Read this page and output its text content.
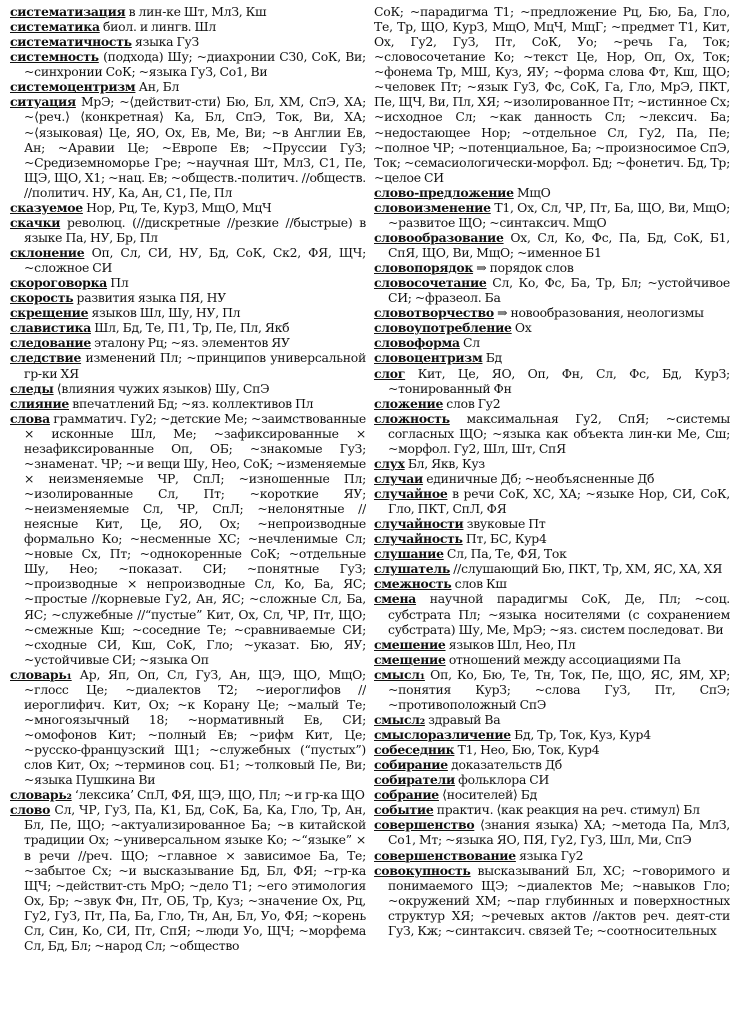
систематизация в лин-ке Шт, МлЗ, Кш

систематика биол. и лингв. Шл

систематичность языка ГуЗ

системность (подхода) Шу; ~диахронии СЗ0, СоК, Ви; ~синхронии СоК; ~языка ГуЗ, Со1, Ви

системоцентризм Ан, Бл

ситуация МрЭ; ~⟨действит-сти⟩ Бю, Бл, ХМ, СпЭ, ХА; ~⟨реч.⟩ ⟨конкретная⟩ Ка, Бл, СпЭ, Ток, Ви, ХА; ~⟨языковая⟩ Це, ЯО, Ох, Ев, Ме, Ви; ~в Англии Ев, Ан; ~Аравии Це; ~Европе Ев; ~Пруссии ГуЗ; ~Средиземноморье Гре; ~научная Шт, МлЗ, С1, Пе, ЩЭ, ЩО, Х1; ~нац. Ев; ~обществ.-политич. //обществ. //политич. НУ, Ка, Ан, С1, Пе, Пл

сказуемое Нор, Рц, Те, КурЗ, МщО, МцЧ

скачки революц. (//дискретные //резкие //быстрые) в языке Па, НУ, Бр, Пл

склонение Оп, Сл, СИ, НУ, Бд, СоК, Ск2, ФЯ, ЩЧ; ~сложное СИ

скороговорка Пл

скорость развития языка ПЯ, НУ

скрещение языков Шл, Шу, НУ, Пл

славистика Шл, Бд, Те, П1, Тр, Пе, Пл, Якб

следование эталону Рц; ~яз. элементов ЯУ

следствие изменений Пл; ~принципов универсальной гр-ки ХЯ

следы ⟨влияния чужих языков⟩ Шу, СпЭ

слияние впечатлений Бд; ~яз. коллективов Пл

слова грамматич. Гу2; ~детские Ме; ~заимствованные × исконные Шл, Ме; ~зафиксированные × незафиксированные Оп, ОБ; ~знакомые ГуЗ; ~знаменат. ЧР; ~и вещи Шу, Нео, СоК; ~изменяемые × неизменяемые ЧР, СпЛ; ~изношенные Пл; ~изолированные Сл, Пт; ~короткие ЯУ; ~неизменяемые Сл, ЧР, СпЛ; ~нелонятные //неясные Кит, Це, ЯО, Ох; ~непроизводные формально Ко; ~несменные ХС; ~нечленимые Сл; ~новые Сх, Пт; ~однокоренные СоК; ~отдельные Шу, Нео; ~показат. СИ; ~понятные ГуЗ; ~производные × непроизводные Сл, Ко, Ба, ЯС; ~простые //корневые Гу2, Ан, ЯС; ~сложные Сл, Ба, ЯС; ~служебные //“пустые” Кит, Ох, Сл, ЧР, Пт, ЩО; ~смежные Кш; ~соседние Те; ~сравниваемые СИ; ~сходные СИ, Кш, СоК, Гло; ~указат. Бю, ЯУ; ~устойчивые СИ; ~языка Оп

словарь₁ Ар, Яп, Оп, Сл, ГуЗ, Ан, ЩЭ, ЩО, МщО; ~глосс Це; ~диалектов Т2; ~иероглифов //иероглифич. Кит, Ох; ~к Корану Це; ~малый Те; ~многоязычный 18; ~нормативный Ев, СИ; ~омофонов Кит; ~полный Ев; ~рифм Кит, Це; ~русско-французский Щ1; ~служебных (“пустых”) слов Кит, Ох; ~терминов соц. Б1; ~толковый Пе, Ви; ~языка Пушкина Ви

словарь₂ ‘лексика’ СпЛ, ФЯ, ЩЭ, ЩО, Пл; ~и гр-ка ЩО

слово Сл, ЧР, ГуЗ, Па, К1, Бд, СоК, Ба, Ка, Гло, Тр, Ан, Бл, Пе, ЩО; ~актуализированное Ба; ~в китайской традиции Ох; ~универсальном языке Ко; ~“языке” × в речи //реч. ЩО; ~главное × зависимое Ба, Те; ~забытое Сх; ~и высказывание Бд, Бл, ФЯ; ~гр-ка ЩЧ; ~действит-сть МрО; ~дело Т1; ~его этимология Ох, Бр; ~звук Фн, Пт, ОБ, Тр, Куз; ~значение Ох, Рц, Гу2, ГуЗ, Пт, Па, Ба, Гло, Тн, Ан, Бл, Уо, ФЯ; ~корень Сл, Син, Ко, СИ, Пт, СпЯ; ~люди Уо, ЩЧ; ~морфема Сл, Бд, Бл; ~народ Сл; ~общество

СоК; ~парадигма Т1; ~предложение Рц, Бю, Ба, Гло, Те, Тр, ЩО, КурЗ, МщО, МцЧ, МщГ; ~предмет Т1, Кит, Ох, Гу2, ГуЗ, Пт, СоК, Уо; ~речь Га, Ток; ~словосочетание Ко; ~текст Це, Нор, Оп, Ох, Ток; ~фонема Тр, МШ, Куз, ЯУ; ~форма слова Фт, Кш, ЩО; ~человек Пт; ~язык ГуЗ, Фс, СоК, Га, Гло, МрЭ, ПКТ, Пе, ЩЧ, Ви, Пл, ХЯ; ~изолированное Пт; ~истинное Сх; ~исходное Сл; ~как данность Сл; ~лексич. Ба; ~недостающее Нор; ~отдельное Сл, Гу2, Па, Пе; ~полное ЧР; ~потенциальное, Ба; ~произносимое СпЭ, Ток; ~семасиологически-морфол. Бд; ~фонетич. Бд, Тр; ~целое СИ

слово-предложение МщО

словоизменение Т1, Ох, Сл, ЧР, Пт, Ба, ЩО, Ви, МщО; ~развитое ЩО; ~синтаксич. МщО

словообразование Ох, Сл, Ко, Фс, Па, Бд, СоК, Б1, СпЯ, ЩО, Ви, МщО; ~именное Б1

словопорядок ⇒ порядок слов

словосочетание Сл, Ко, Фс, Ба, Тр, Бл; ~устойчивое СИ; ~фразеол. Ба

словотворчество ⇒ новообразования, неологизмы

словоупотребление Ох

словоформа Сл

словоцентризм Бд

слог Кит, Це, ЯО, Оп, Фн, Сл, Фс, Бд, КурЗ; ~тонированный Фн

сложение слов Гу2

сложность максимальная Гу2, СпЯ; ~системы согласных ЩО; ~языка как объекта лин-ки Ме, Сш; ~морфол. Гу2, Шл, Шт, СпЯ

слух Бл, Якв, Куз

случаи единичные Дб; ~необъясненные Дб

случайное в речи СоК, ХС, ХА; ~языке Нор, СИ, СоК, Гло, ПКТ, СпЛ, ФЯ

случайности звуковые Пт

случайность Пт, БС, Кур4

слушание Сл, Па, Те, ФЯ, Ток

слушатель //слушающий Бю, ПКТ, Тр, ХМ, ЯС, ХА, ХЯ

смежность слов Кш

смена научной парадигмы СоК, Де, Пл; ~соц. субстрата Пл; ~языка носителями (с сохранением субстрата) Шу, Ме, МрЭ; ~яз. систем последоват. Ви

смешение языков Шл, Нео, Пл

смещение отношений между ассоциациями Па

смысл₁ Оп, Ко, Бю, Те, Тн, Ток, Пе, ЩО, ЯС, ЯМ, ХР; ~понятия КурЗ; ~слова ГуЗ, Пт, СпЭ; ~противоположный СпЭ

смысл₂ здравый Ва

смыслоразличение Бд, Тр, Ток, Куз, Кур4

собеседник Т1, Нео, Бю, Ток, Кур4

собирание доказательств Дб

собиратели фольклора СИ

собрание ⟨носителей⟩ Бд

событие практич. ⟨как реакция на реч. стимул⟩ Бл

совершенство ⟨знания языка⟩ ХА; ~метода Па, МлЗ, Со1, Мт; ~языка ЯО, ПЯ, Гу2, ГуЗ, Шл, Ми, СпЭ

совершенствование языка Гу2

совокупность высказываний Бл, ХС; ~говоримого и понимаемого ЩЭ; ~диалектов Ме; ~навыков Гло; ~окружений ХМ; ~пар глубинных и поверхностных структур ХЯ; ~речевых актов //актов реч. деят-сти ГуЗ, Кж; ~синтаксич. связей Те; ~соотносительных
